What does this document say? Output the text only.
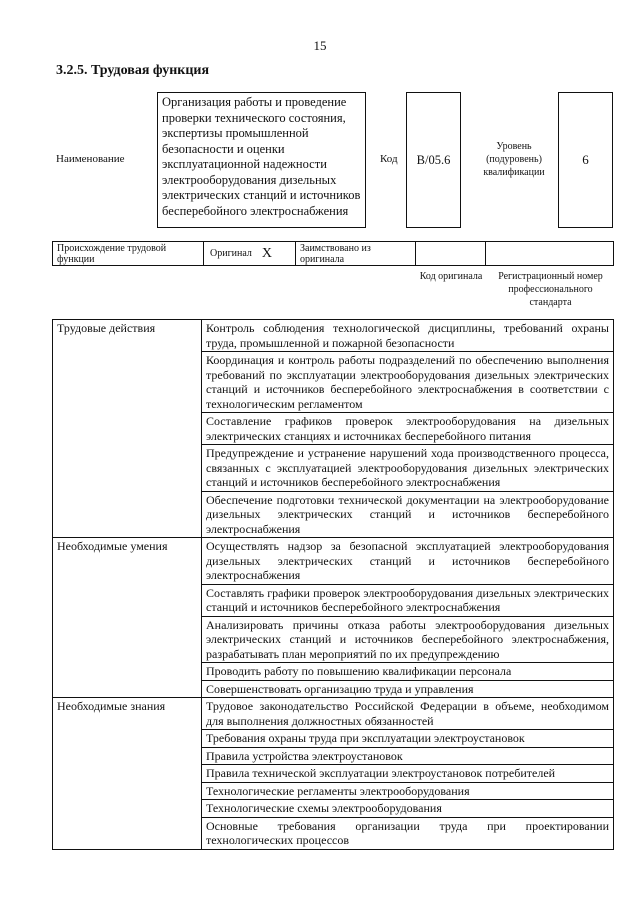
15
3.2.5. Трудовая функция
Наименование
Организация работы и проведение проверки технического состояния, экспертизы промышленной безопасности и оценки эксплуатационной надежности электрооборудования дизельных электрических станций и источников бесперебойного электроснабжения
Код	В/05.6
Уровень (подуровень) квалификации
6
Происхождение трудовой функции
Оригинал X	Заимствовано из оригинала
Код оригинала	Регистрационный номер профессионального стандарта
Трудовые действия	Контроль соблюдения технологической дисциплины, требований охраны труда, промышленной и пожарной безопасности
	Координация и контроль работы подразделений по обеспечению выполнения требований по эксплуатации электрооборудования дизельных электрических станций и источников бесперебойного электроснабжения в соответствии с технологическим регламентом
	Составление графиков проверок электрооборудования на дизельных электрических станциях и источниках бесперебойного питания
	Предупреждение и устранение нарушений хода производственного процесса, связанных с эксплуатацией электрооборудования дизельных электрических станций и источников бесперебойного электроснабжения
	Обеспечение подготовки технической документации на электрооборудование дизельных электрических станций и источников бесперебойного электроснабжения
Необходимые умения	Осуществлять надзор за безопасной эксплуатацией электрооборудования дизельных электрических станций и источников бесперебойного электроснабжения
	Составлять графики проверок электрооборудования дизельных электрических станций и источников бесперебойного электроснабжения
	Анализировать причины отказа работы электрооборудования дизельных электрических станций и источников бесперебойного электроснабжения, разрабатывать план мероприятий по их предупреждению
	Проводить работу по повышению квалификации персонала
	Совершенствовать организацию труда и управления
Необходимые знания	Трудовое законодательство Российской Федерации в объеме, необходимом для выполнения должностных обязанностей
	Требования охраны труда при эксплуатации электроустановок
	Правила устройства электроустановок
	Правила технической эксплуатации электроустановок потребителей
	Технологические регламенты электрооборудования
	Технологические схемы электрооборудования
	Основные требования организации труда при проектировании технологических процессов
